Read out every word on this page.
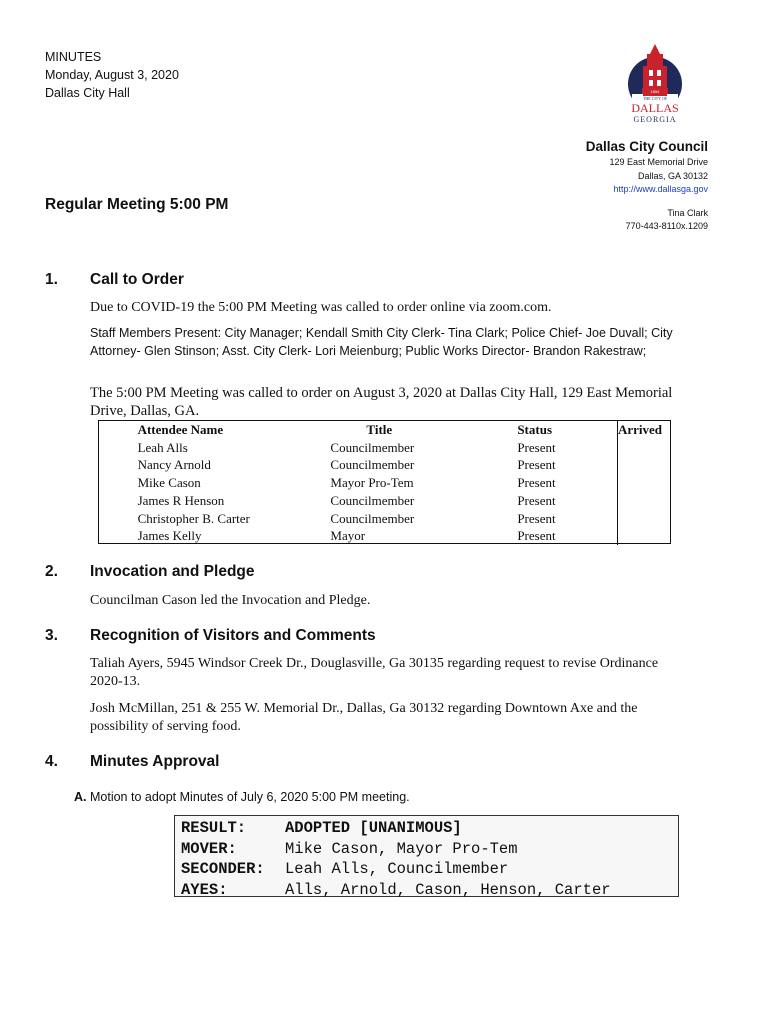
MINUTES
Monday, August 3, 2020
Dallas City Hall	1854
THE CITY OF
DALLAS
GEORGIA
Dallas City Council
129 East Memorial Drive
Dallas, GA 30132
http://www.dallasga.gov
Tina Clark
770-443-8110x.1209
Regular Meeting 5:00 PM
1. Call to Order
Due to COVID-19 the 5:00 PM Meeting was called to order online via zoom.com.
Staff Members Present: City Manager; Kendall Smith City Clerk- Tina Clark; Police Chief- Joe Duvall; City Attorney- Glen Stinson; Asst. City Clerk- Lori Meienburg; Public Works Director- Brandon Rakestraw;
The 5:00 PM Meeting was called to order on August 3, 2020 at Dallas City Hall, 129 East Memorial Drive, Dallas, GA.
	Attendee Name	Title	Status	Arrived
	Leah Alls	Councilmember	Present	
	Nancy Arnold	Councilmember	Present	
	Mike Cason	Mayor Pro-Tem	Present	
	James R Henson	Councilmember	Present	
	Christopher B. Carter	Councilmember	Present	
	James Kelly	Mayor	Present	
2. Invocation and Pledge
Councilman Cason led the Invocation and Pledge.
3. Recognition of Visitors and Comments
Taliah Ayers, 5945 Windsor Creek Dr., Douglasville, Ga 30135 regarding request to revise Ordinance 2020-13.
Josh McMillan, 251 & 255 W. Memorial Dr., Dallas, Ga 30132 regarding Downtown Axe and the possibility of serving food.
4. Minutes Approval
A. Motion to adopt Minutes of July 6, 2020 5:00 PM meeting.
RESULT:	ADOPTED [UNANIMOUS]
MOVER:	Mike Cason, Mayor Pro-Tem
SECONDER:	Leah Alls, Councilmember
AYES:	Alls, Arnold, Cason, Henson, Carter
